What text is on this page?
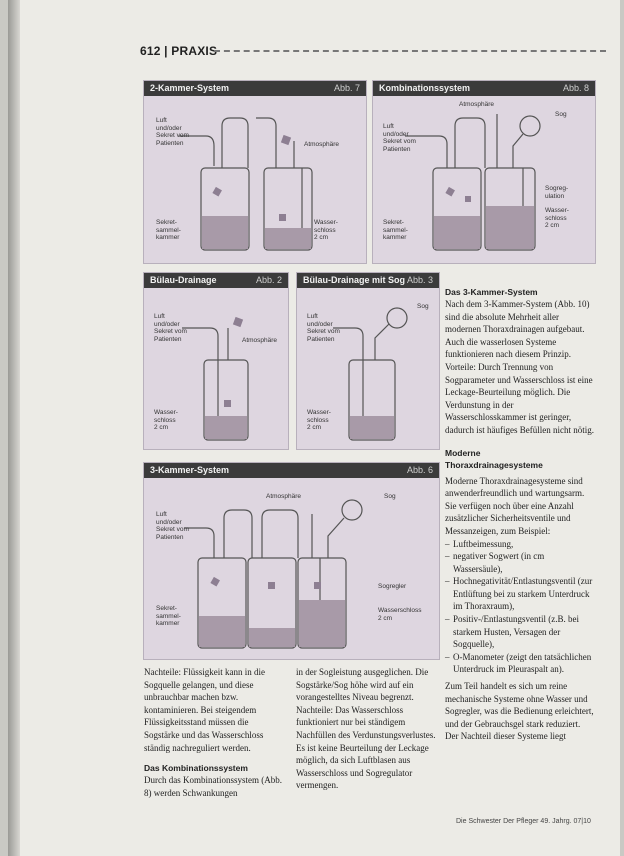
612 | PRAXIS
2-Kammer-System	Abb. 7
Luft
und/oder
Sekret vom
Patienten	Atmosphäre
Sekret-
sammel-
kammer
Wasser-
schloss
2 cm
Kombinationssystem	Abb. 8
Atmosphäre
Sog
Luft
und/oder
Sekret vom
Patienten
Sogreg-
ulation
Wasser-
schloss
2 cm
Sekret-
sammel-
kammer
Bülau-Drainage	Abb. 2
Luft
und/oder
Sekret vom
Patienten	Atmosphäre
Wasser-
schloss
2 cm
Bülau-Drainage mit Sog Abb. 3
Luft
und/oder
Sekret vom
Patienten
Sog
Wasser-
schloss
2 cm
3-Kammer-System	Abb. 6
Atmosphäre	Sog
Luft
und/oder
Sekret vom
Patienten
Sogregler
Sekret-
sammel-
kammer
Wasserschloss
2 cm
Das 3-Kammer-System

Nach dem 3-Kammer-System (Abb. 10) sind die absolute Mehrheit aller modernen Thoraxdrainagen aufgebaut. Auch die wasserlosen Systeme funktionieren nach diesem Prinzip.

Vorteile: Durch Trennung von Sogparameter und Wasserschloss ist eine Leckage-Beurteilung möglich. Die Verdunstung in der Wasserschlosskammer ist geringer, dadurch ist häufiges Befüllen nicht nötig.

Moderne
Thoraxdrainagesysteme

Moderne Thoraxdrainagesysteme sind anwenderfreundlich und wartungsarm. Sie verfügen noch über eine Anzahl zusätzlicher Sicherheitsventile und Messanzeigen, zum Beispiel:

– Luftbeimessung,
– negativer Sogwert (in cm Wassersäule),
– Hochnegativität/Entlastungsventil (zur Entlüftung bei zu starkem Unterdruck im Thoraxraum),
– Positiv-/Entlastungsventil (z.B. bei starkem Husten, Versagen der Sogquelle),
– O-Manometer (zeigt den tatsächlichen Unterdruck im Pleuraspalt an).

Zum Teil handelt es sich um reine mechanische Systeme ohne Wasser und Sogregler, was die Bedienung erleichtert, und der Gebrauchsgel stark reduziert. Der Nachteil dieser Systeme liegt

Nachteile: Flüssigkeit kann in die Sogquelle gelangen, und diese unbrauchbar machen bzw. kontaminieren. Bei steigendem Flüssigkeitsstand müssen die Sogstärke und das Wasserschloss ständig nachreguliert werden.

Das Kombinationssystem

Durch das Kombinationssystem (Abb. 8) werden Schwankungen

in der Sogleistung ausgeglichen. Die Sogstärke/Sog höhe wird auf ein vorangestelltes Niveau begrenzt.

Nachteile: Das Wasserschloss funktioniert nur bei ständigem Nachfüllen des Verdunstungsverlustes. Es ist keine Beurteilung der Leckage möglich, da sich Luftblasen aus Wasserschloss und Sogregulator vermengen.

Die Schwester Der Pfleger 49. Jahrg. 07|10
